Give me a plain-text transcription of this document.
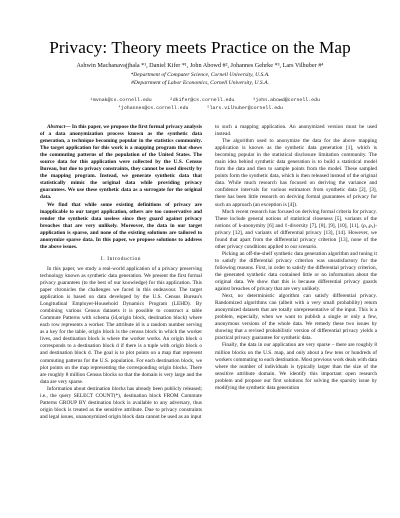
Privacy: Theory meets Practice on the Map
Ashwin Machanavajjhala *¹, Daniel Kifer *¹, John Abowd #², Johannes Gehrke *³, Lars Vilhuber #⁴
*Department of Computer Science, Cornell University, U.S.A.
#Department of Labor Economics, Cornell University, U.S.A.
¹mvnak@cs.cornell.edu	²dkifer@cs.cornell.edu	³john.abowd@cornell.edu
⁴johannes@cs.cornell.edu	⁵lars.vilhuber@cornell.edu

Abstract— In this paper, we propose the first formal privacy analysis of a data anonymization process known as the synthetic data generation, a technique becoming popular in the statistics community. The target application for this work is a mapping program that shows the commuting patterns of the population of the United States. The source data for this application were collected by the U.S. Census Bureau, but due to privacy constraints, they cannot be used directly by the mapping program. Instead, we generate synthetic data that statistically mimic the original data while providing privacy guarantees. We use these synthetic data as a surrogate for the original data.

We find that while some existing definitions of privacy are inapplicable to our target application, others are too conservative and render the synthetic data useless since they guard against privacy breaches that are very unlikely. Moreover, the data in our target application is sparse, and none of the existing solutions are tailored to anonymize sparse data. In this paper, we propose solutions to address the above issues.

I. Introduction

In this paper, we study a real-world application of a privacy preserving technology known as synthetic data generation. We present the first formal privacy guarantees (to the best of our knowledge) for this application. This paper chronicles the challenges we faced in this endeavour. The target application is based on data developed by the U.S. Census Bureau's Longitudinal Employer-Household Dynamics Program (LEHD). By combining various Census datasets it is possible to construct a table Commute Patterns with schema (id,origin block, destination block) where each row represents a worker. The attribute id is a random number serving as a key for the table, origin block is the census block in which the worker lives, and destination block is where the worker works. An origin block o corresponds to a destination block d if there is a tuple with origin block o and destination block d. The goal is to plot points on a map that represent commuting patterns for the U.S. population. For each destination block, we plot points on the map representing the corresponding origin blocks. There are roughly 8 million Census blocks so that the domain is very large and the data are very sparse.

Information about destination blocks has already been publicly released; i.e., the query SELECT COUNT(*), destination block FROM Commute Patterns GROUP BY destination block is available to any adversary, thus origin block is treated as the sensitive attribute. Due to privacy constraints and legal issues, unanonymized origin block data cannot be used as an input

to such a mapping application. An anonymized version must be used instead.

The algorithm used to anonymize the data for the above mapping application is known as the synthetic data generation [1], which is becoming popular in the statistical disclosure limitation community. The main idea behind synthetic data generation is to build a statistical model from the data and then to sample points from the model. These sampled points form the synthetic data, which is then released instead of the original data. While much research has focused on deriving the variance and confidence intervals for various estimators from synthetic data [2], [3], there has been little research on deriving formal guarantees of privacy for such an approach (an exception is [4]).

Much recent research has focused on deriving formal criteria for privacy. These include general notions of statistical closeness [5], variants of the notions of k-anonymity [6] and ℓ-diversity [7], [8], [9], [10], [11], (ρ₁,ρ₂)-privacy [12], and variants of differential privacy [13], [14]. However, we found that apart from the differential privacy criterion [13], none of the other privacy conditions applied to our scenario.

Picking an off-the-shelf synthetic data generation algorithm and tuning it to satisfy the differential privacy criterion was unsatisfactory for the following reasons. First, in order to satisfy the differential privacy criterion, the generated synthetic data contained little or no information about the original data. We show that this is because differential privacy guards against breaches of privacy that are very unlikely.

Next, no deterministic algorithm can satisfy differential privacy. Randomized algorithms can (albeit with a very small probability) return anonymized datasets that are totally unrepresentative of the input. This is a problem, especially, when we want to publish a single or only a few, anonymous versions of the whole data. We remedy these two issues by showing that a revised probabilistic version of differential privacy yields a practical privacy guarantee for synthetic data.

Finally, the data in our application are very sparse – there are roughly 8 million blocks on the U.S. map, and only about a few tens or hundreds of workers commuting to each destination. Most previous work deals with data where the number of individuals is typically larger than the size of the sensitive attribute domain. We identify this important open research problem and propose our first solutions for solving the sparsity issue by modifying the synthetic data generation
